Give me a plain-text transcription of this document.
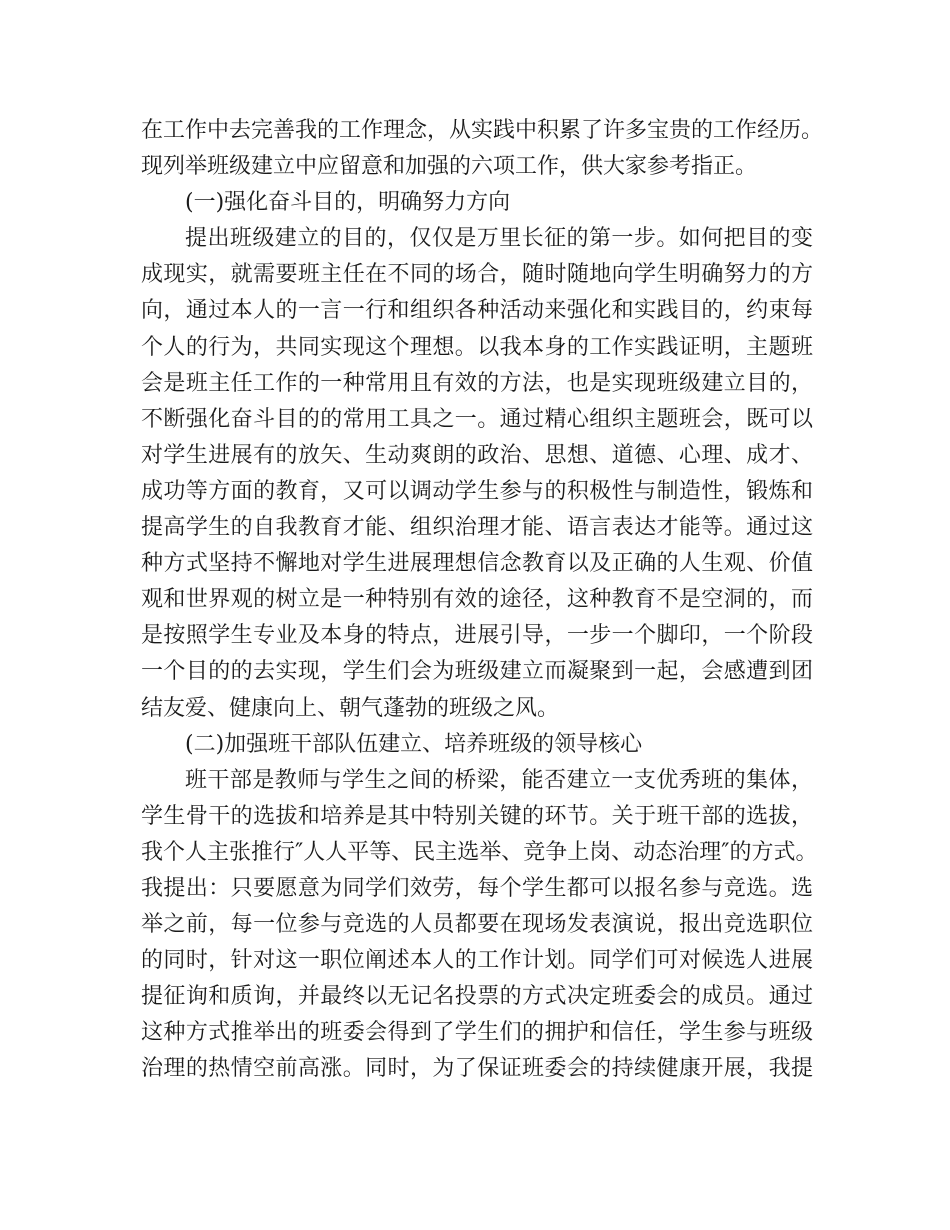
在工作中去完善我的工作理念，从实践中积累了许多宝贵的工作经历。
现列举班级建立中应留意和加强的六项工作，供大家参考指正。
(一)强化奋斗目的，明确努力方向
提出班级建立的目的，仅仅是万里长征的第一步。如何把目的变
成现实，就需要班主任在不同的场合，随时随地向学生明确努力的方
向，通过本人的一言一行和组织各种活动来强化和实践目的，约束每
个人的行为，共同实现这个理想。以我本身的工作实践证明，主题班
会是班主任工作的一种常用且有效的方法，也是实现班级建立目的，
不断强化奋斗目的的常用工具之一。通过精心组织主题班会，既可以
对学生进展有的放矢、生动爽朗的政治、思想、道德、心理、成才、
成功等方面的教育，又可以调动学生参与的积极性与制造性，锻炼和
提高学生的自我教育才能、组织治理才能、语言表达才能等。通过这
种方式坚持不懈地对学生进展理想信念教育以及正确的人生观、价值
观和世界观的树立是一种特别有效的途径，这种教育不是空洞的，而
是按照学生专业及本身的特点，进展引导，一步一个脚印，一个阶段
一个目的的去实现，学生们会为班级建立而凝聚到一起，会感遭到团
结友爱、健康向上、朝气蓬勃的班级之风。
(二)加强班干部队伍建立、培养班级的领导核心
班干部是教师与学生之间的桥梁，能否建立一支优秀班的集体，
学生骨干的选拔和培养是其中特别关键的环节。关于班干部的选拔，
我个人主张推行″人人平等、民主选举、竞争上岗、动态治理″的方式。
我提出：只要愿意为同学们效劳，每个学生都可以报名参与竞选。选
举之前，每一位参与竞选的人员都要在现场发表演说，报出竞选职位
的同时，针对这一职位阐述本人的工作计划。同学们可对候选人进展
提征询和质询，并最终以无记名投票的方式决定班委会的成员。通过
这种方式推举出的班委会得到了学生们的拥护和信任，学生参与班级
治理的热情空前高涨。同时，为了保证班委会的持续健康开展，我提
